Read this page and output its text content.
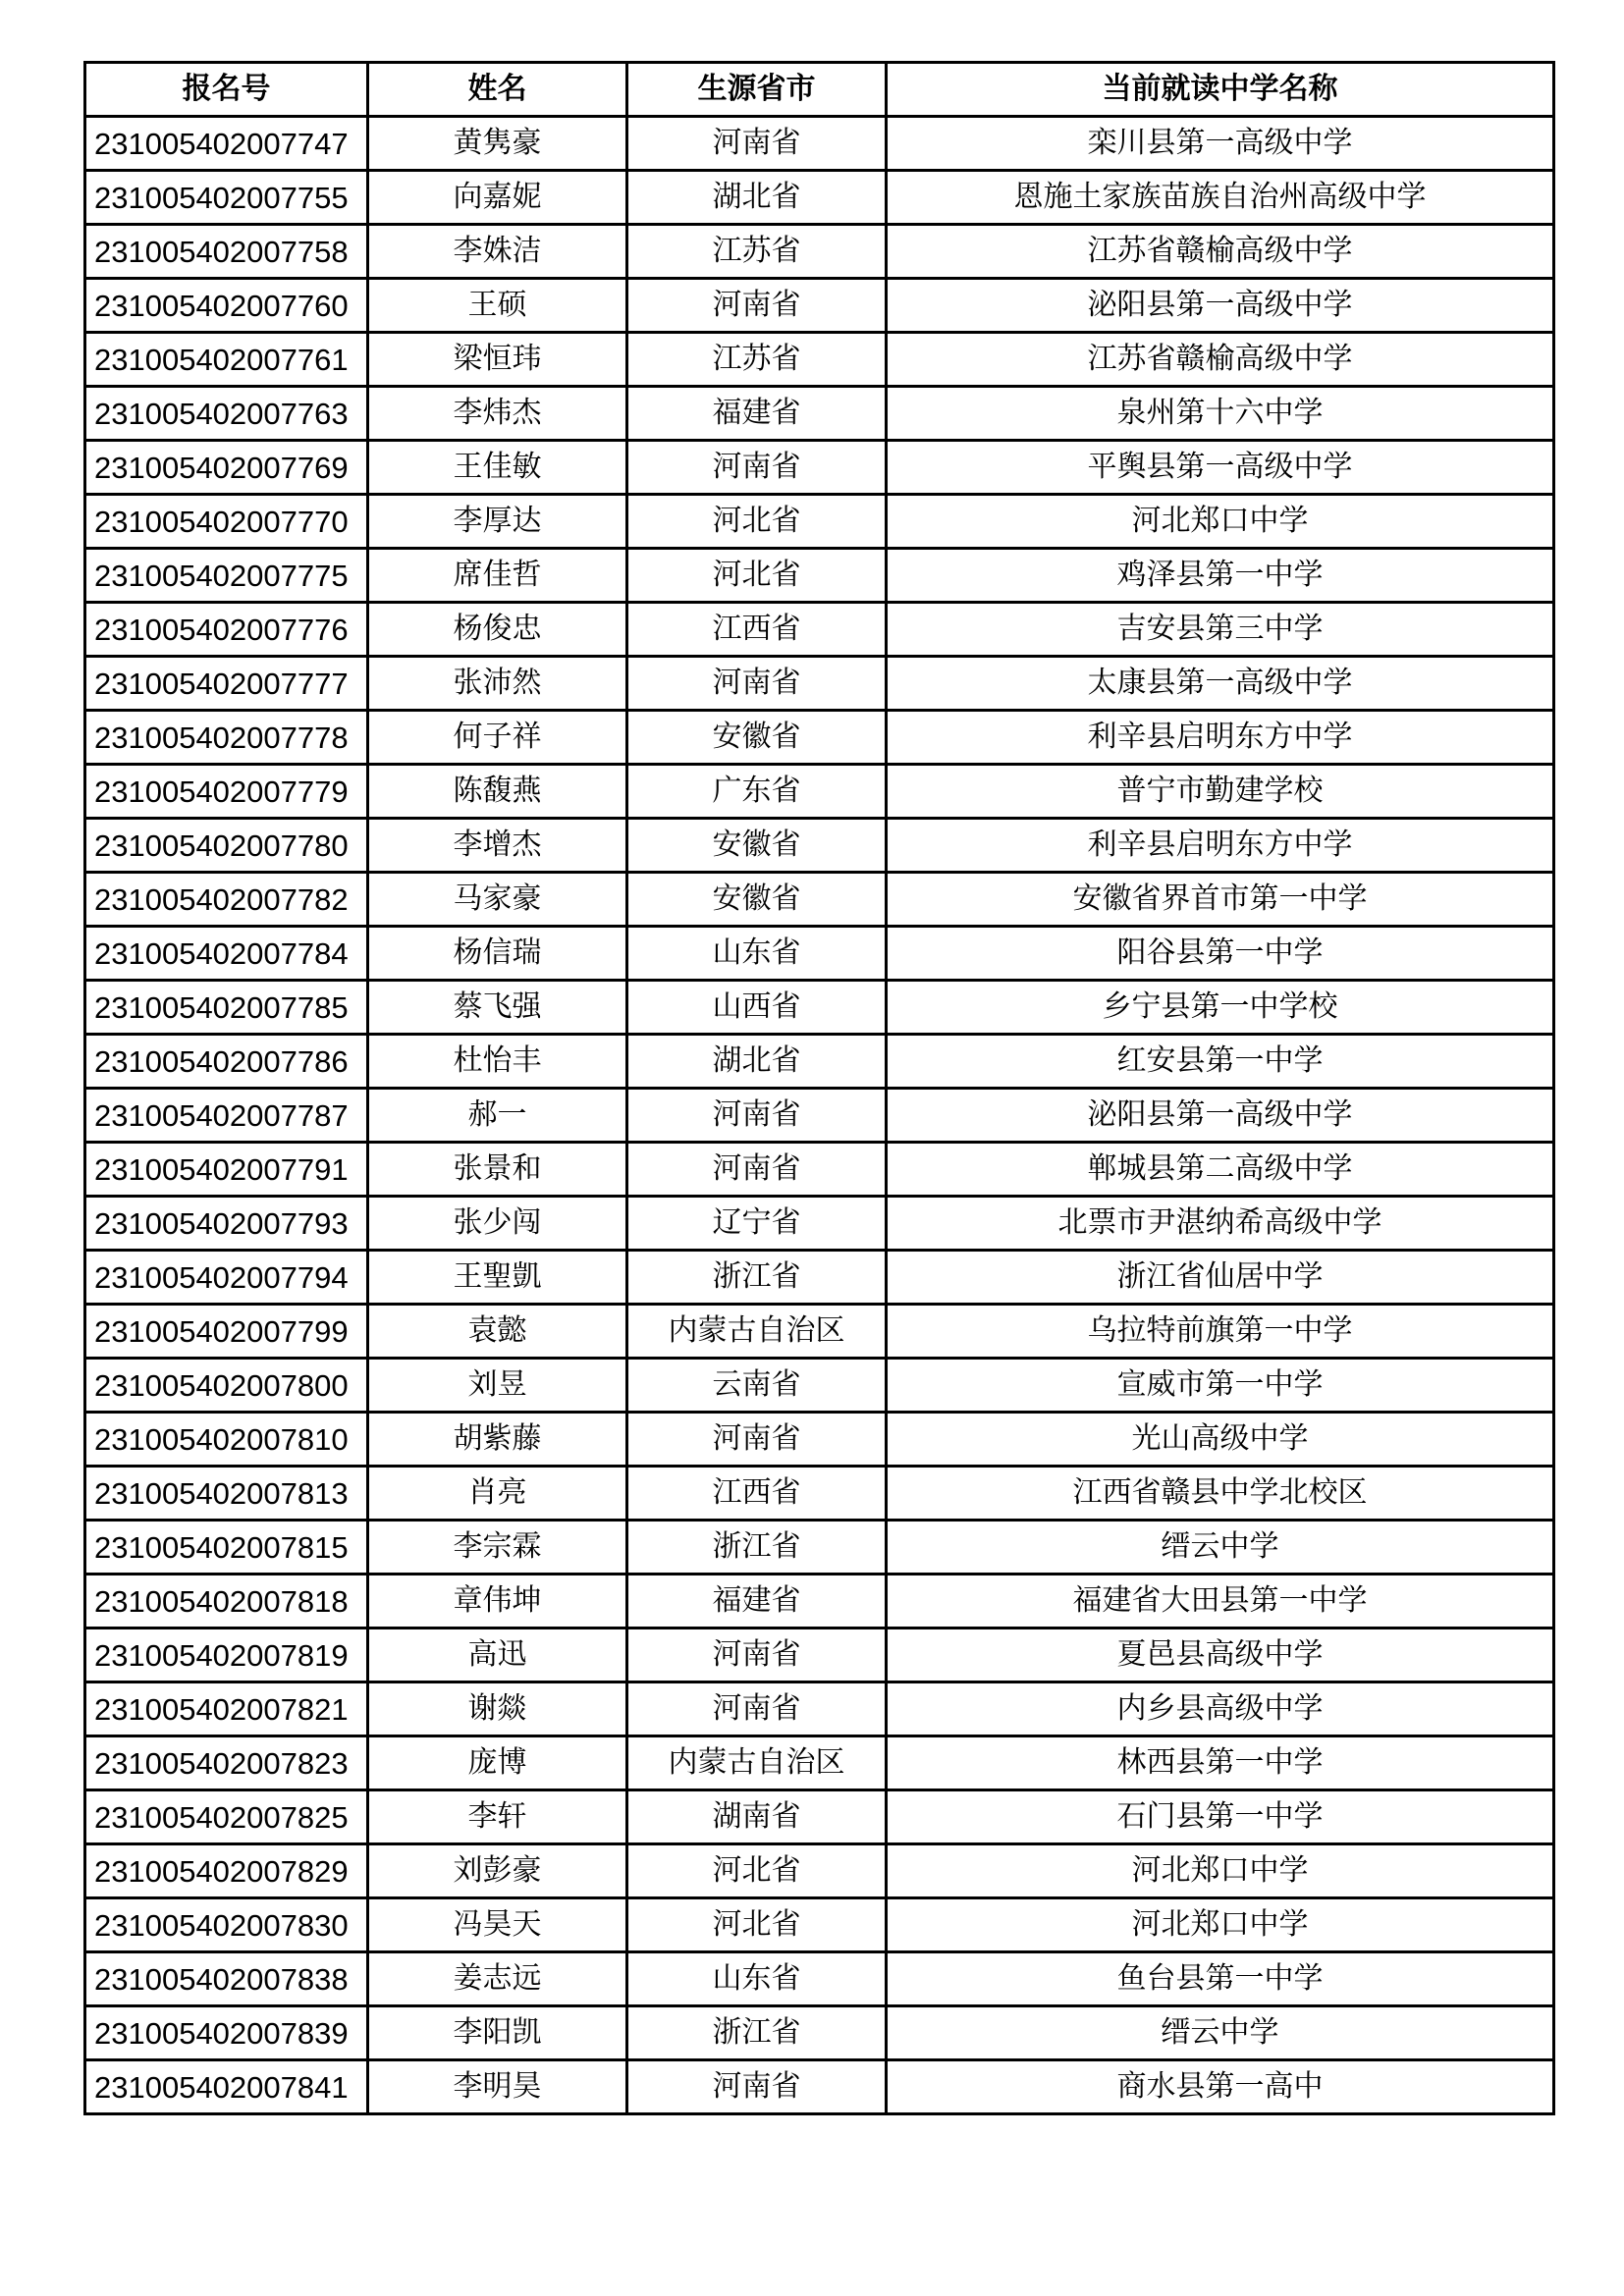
报名号	姓名	生源省市	当前就读中学名称
231005402007747	黄隽豪	河南省	栾川县第一高级中学
231005402007755	向嘉妮	湖北省	恩施土家族苗族自治州高级中学
231005402007758	李姝洁	江苏省	江苏省赣榆高级中学
231005402007760	王硕	河南省	泌阳县第一高级中学
231005402007761	梁恒玮	江苏省	江苏省赣榆高级中学
231005402007763	李炜杰	福建省	泉州第十六中学
231005402007769	王佳敏	河南省	平舆县第一高级中学
231005402007770	李厚达	河北省	河北郑口中学
231005402007775	席佳哲	河北省	鸡泽县第一中学
231005402007776	杨俊忠	江西省	吉安县第三中学
231005402007777	张沛然	河南省	太康县第一高级中学
231005402007778	何子祥	安徽省	利辛县启明东方中学
231005402007779	陈馥燕	广东省	普宁市勤建学校
231005402007780	李增杰	安徽省	利辛县启明东方中学
231005402007782	马家豪	安徽省	安徽省界首市第一中学
231005402007784	杨信瑞	山东省	阳谷县第一中学
231005402007785	蔡飞强	山西省	乡宁县第一中学校
231005402007786	杜怡丰	湖北省	红安县第一中学
231005402007787	郝一	河南省	泌阳县第一高级中学
231005402007791	张景和	河南省	郸城县第二高级中学
231005402007793	张少闯	辽宁省	北票市尹湛纳希高级中学
231005402007794	王聖凱	浙江省	浙江省仙居中学
231005402007799	袁懿	内蒙古自治区	乌拉特前旗第一中学
231005402007800	刘昱	云南省	宣威市第一中学
231005402007810	胡紫藤	河南省	光山高级中学
231005402007813	肖亮	江西省	江西省赣县中学北校区
231005402007815	李宗霖	浙江省	缙云中学
231005402007818	章伟坤	福建省	福建省大田县第一中学
231005402007819	高迅	河南省	夏邑县高级中学
231005402007821	谢燚	河南省	内乡县高级中学
231005402007823	庞博	内蒙古自治区	林西县第一中学
231005402007825	李轩	湖南省	石门县第一中学
231005402007829	刘彭豪	河北省	河北郑口中学
231005402007830	冯昊天	河北省	河北郑口中学
231005402007838	姜志远	山东省	鱼台县第一中学
231005402007839	李阳凯	浙江省	缙云中学
231005402007841	李明昊	河南省	商水县第一高中
